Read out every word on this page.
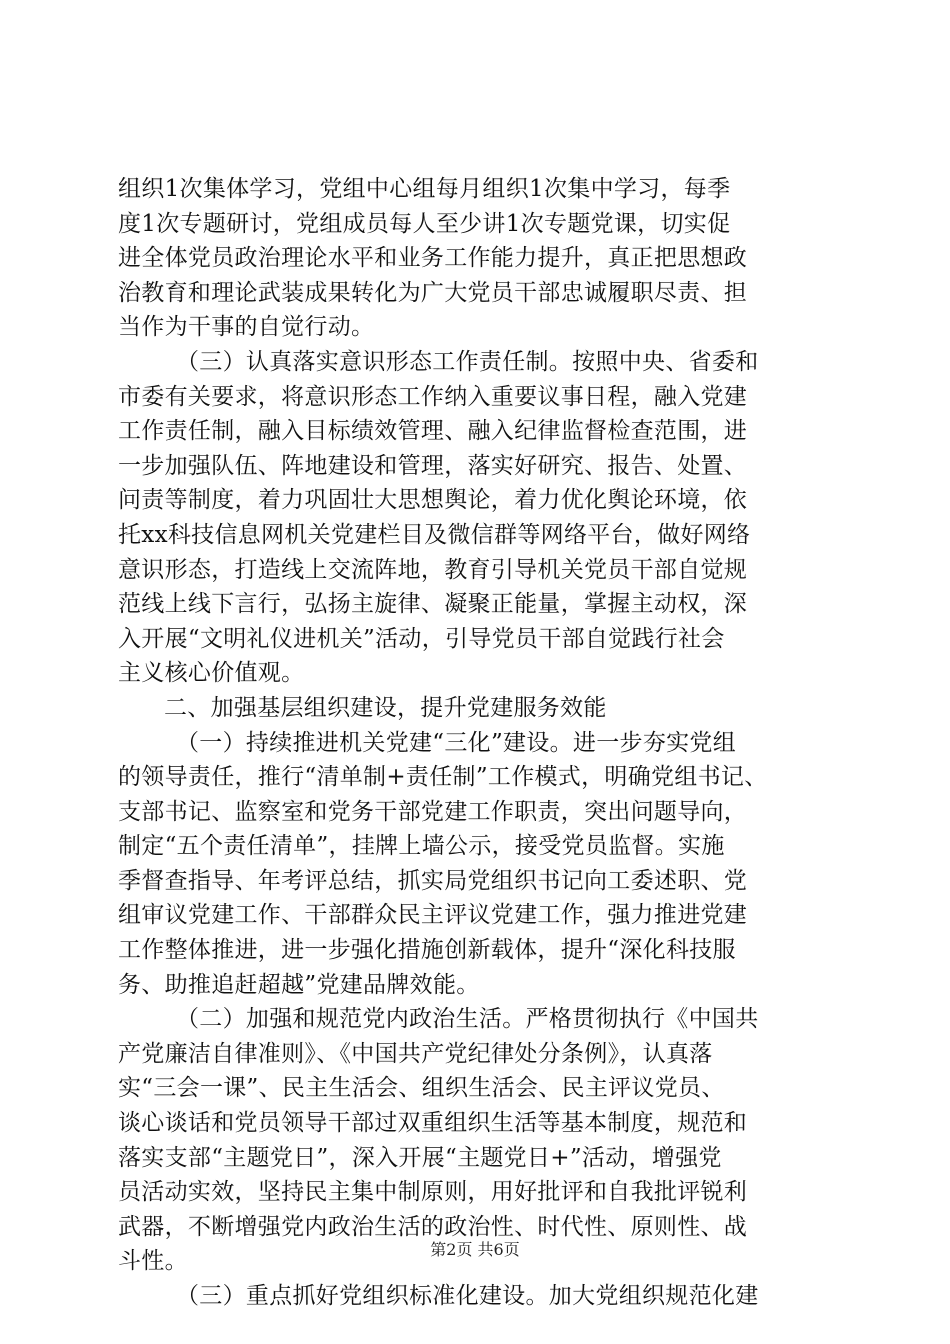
组织1次集体学习，党组中心组每月组织1次集中学习，每季
度1次专题研讨，党组成员每人至少讲1次专题党课，切实促
进全体党员政治理论水平和业务工作能力提升，真正把思想政
治教育和理论武装成果转化为广大党员干部忠诚履职尽责、担
当作为干事的自觉行动。
（三）认真落实意识形态工作责任制。按照中央、省委和
市委有关要求，将意识形态工作纳入重要议事日程，融入党建
工作责任制，融入目标绩效管理、融入纪律监督检查范围，进
一步加强队伍、阵地建设和管理，落实好研究、报告、处置、
问责等制度，着力巩固壮大思想舆论，着力优化舆论环境，依
托xx科技信息网机关党建栏目及微信群等网络平台，做好网络
意识形态，打造线上交流阵地，教育引导机关党员干部自觉规
范线上线下言行，弘扬主旋律、凝聚正能量，掌握主动权，深
入开展“文明礼仪进机关”活动，引导党员干部自觉践行社会
主义核心价值观。
二、加强基层组织建设，提升党建服务效能
（一）持续推进机关党建“三化”建设。进一步夯实党组
的领导责任，推行“清单制+责任制”工作模式，明确党组书记、
支部书记、监察室和党务干部党建工作职责，突出问题导向，
制定“五个责任清单”，挂牌上墙公示，接受党员监督。实施
季督查指导、年考评总结，抓实局党组织书记向工委述职、党
组审议党建工作、干部群众民主评议党建工作，强力推进党建
工作整体推进，进一步强化措施创新载体，提升“深化科技服
务、助推追赶超越”党建品牌效能。
（二）加强和规范党内政治生活。严格贯彻执行《中国共
产党廉洁自律准则》、《中国共产党纪律处分条例》，认真落
实“三会一课”、民主生活会、组织生活会、民主评议党员、
谈心谈话和党员领导干部过双重组织生活等基本制度，规范和
落实支部“主题党日”，深入开展“主题党日+”活动，增强党
员活动实效，坚持民主集中制原则，用好批评和自我批评锐利
武器，不断增强党内政治生活的政治性、时代性、原则性、战
斗性。
（三）重点抓好党组织标准化建设。加大党组织规范化建
第2页 共6页
